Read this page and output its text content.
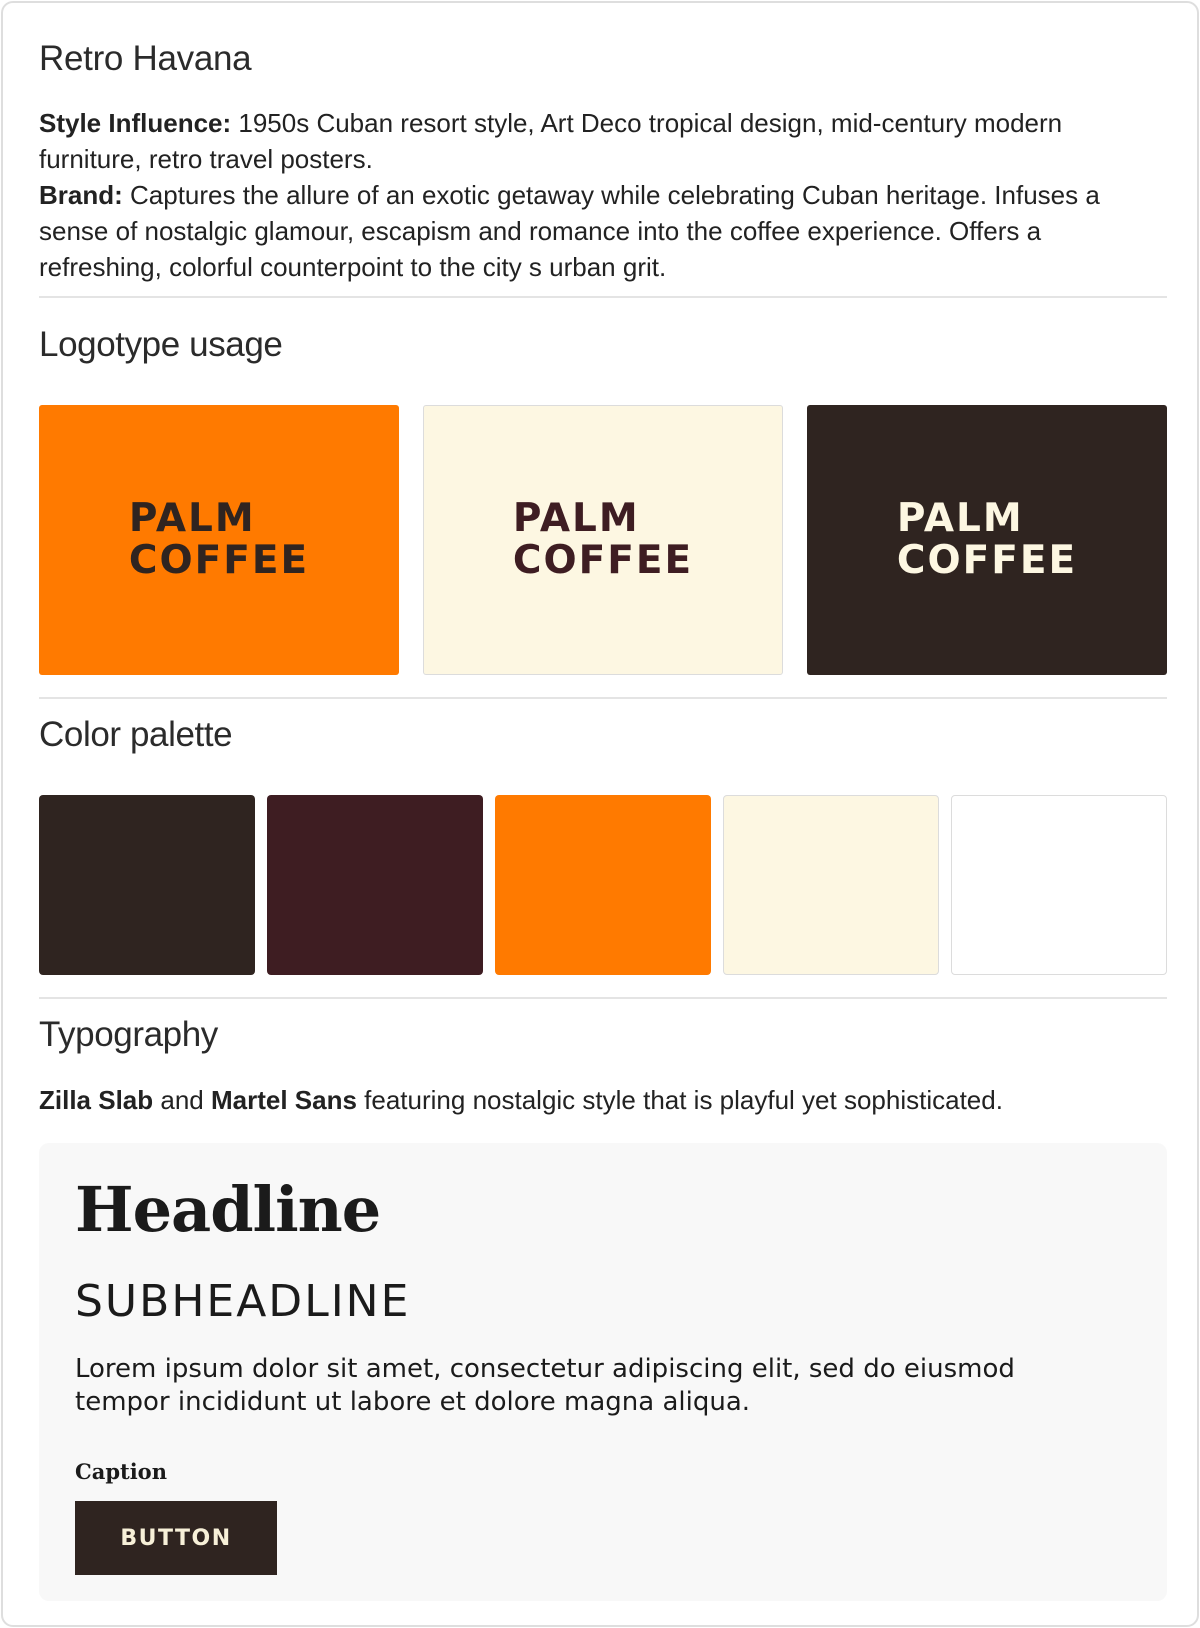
Retro Havana

Style Influence: 1950s Cuban resort style, Art Deco tropical design, mid-century modern furniture, retro travel posters.
Brand: Captures the allure of an exotic getaway while celebrating Cuban heritage. Infuses a sense of nostalgic glamour, escapism and romance into the coffee experience. Offers a refreshing, colorful counterpoint to the city s urban grit.

Logotype usage
PALM
COFFEE
PALM
COFFEE
PALM
COFFEE
Color palette
Typography
Zilla Slab and Martel Sans featuring nostalgic style that is playful yet sophisticated.
Headline
SUBHEADLINE
Lorem ipsum dolor sit amet, consectetur adipiscing elit, sed do eiusmod tempor incididunt ut labore et dolore magna aliqua.
Caption
BUTTON
